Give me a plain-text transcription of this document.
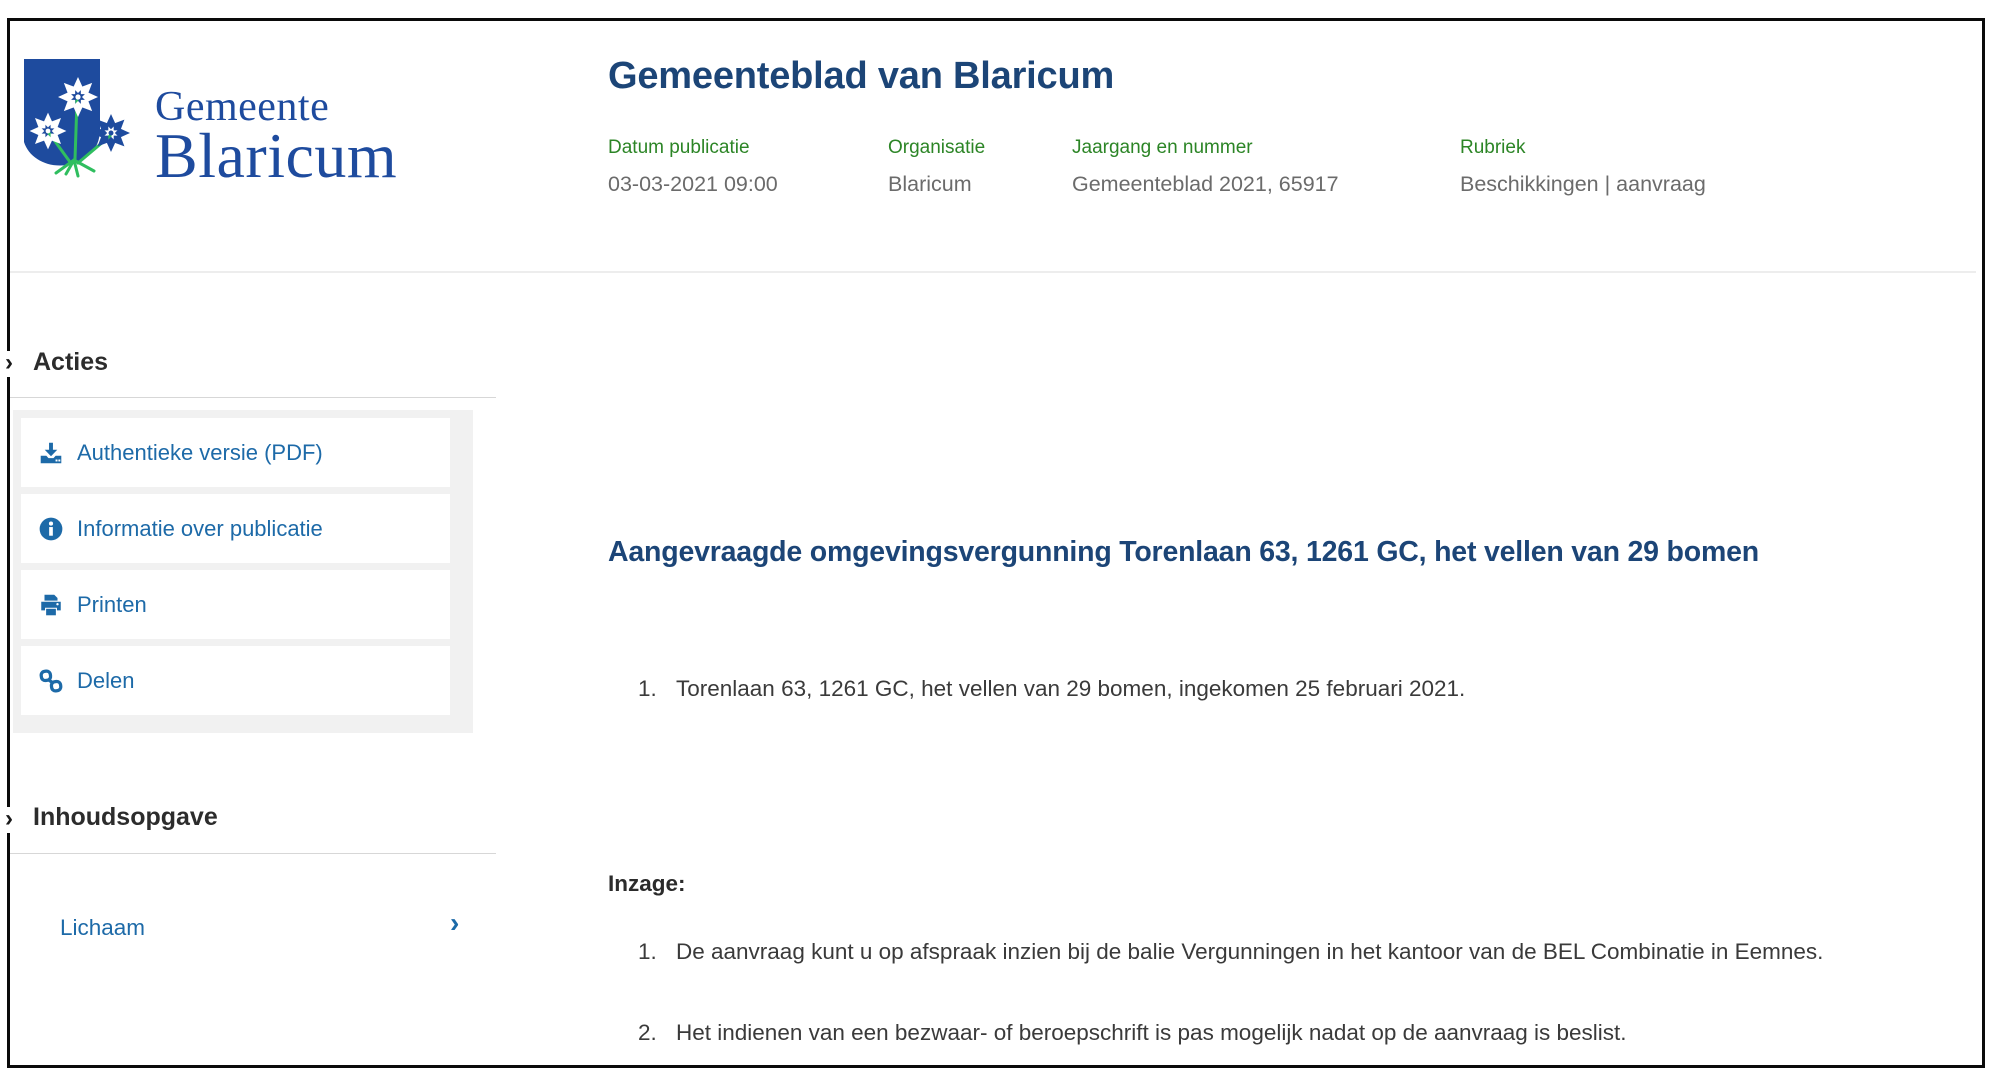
Gemeente
Blaricum
Gemeenteblad van Blaricum
Datum publicatie
03-03-2021 09:00
Organisatie
Blaricum
Jaargang en nummer
Gemeenteblad 2021, 65917
Rubriek
Beschikkingen | aanvraag
› Acties
Authentieke versie (PDF)
Informatie over publicatie
Printen
Delen
› Inhoudsopgave
Lichaam	›
Aangevraagde omgevingsvergunning Torenlaan 63, 1261 GC, het vellen van 29 bomen
1. Torenlaan 63, 1261 GC, het vellen van 29 bomen, ingekomen 25 februari 2021.
Inzage:
1. De aanvraag kunt u op afspraak inzien bij de balie Vergunningen in het kantoor van de BEL Combinatie in Eemnes.
2. Het indienen van een bezwaar- of beroepschrift is pas mogelijk nadat op de aanvraag is beslist.
